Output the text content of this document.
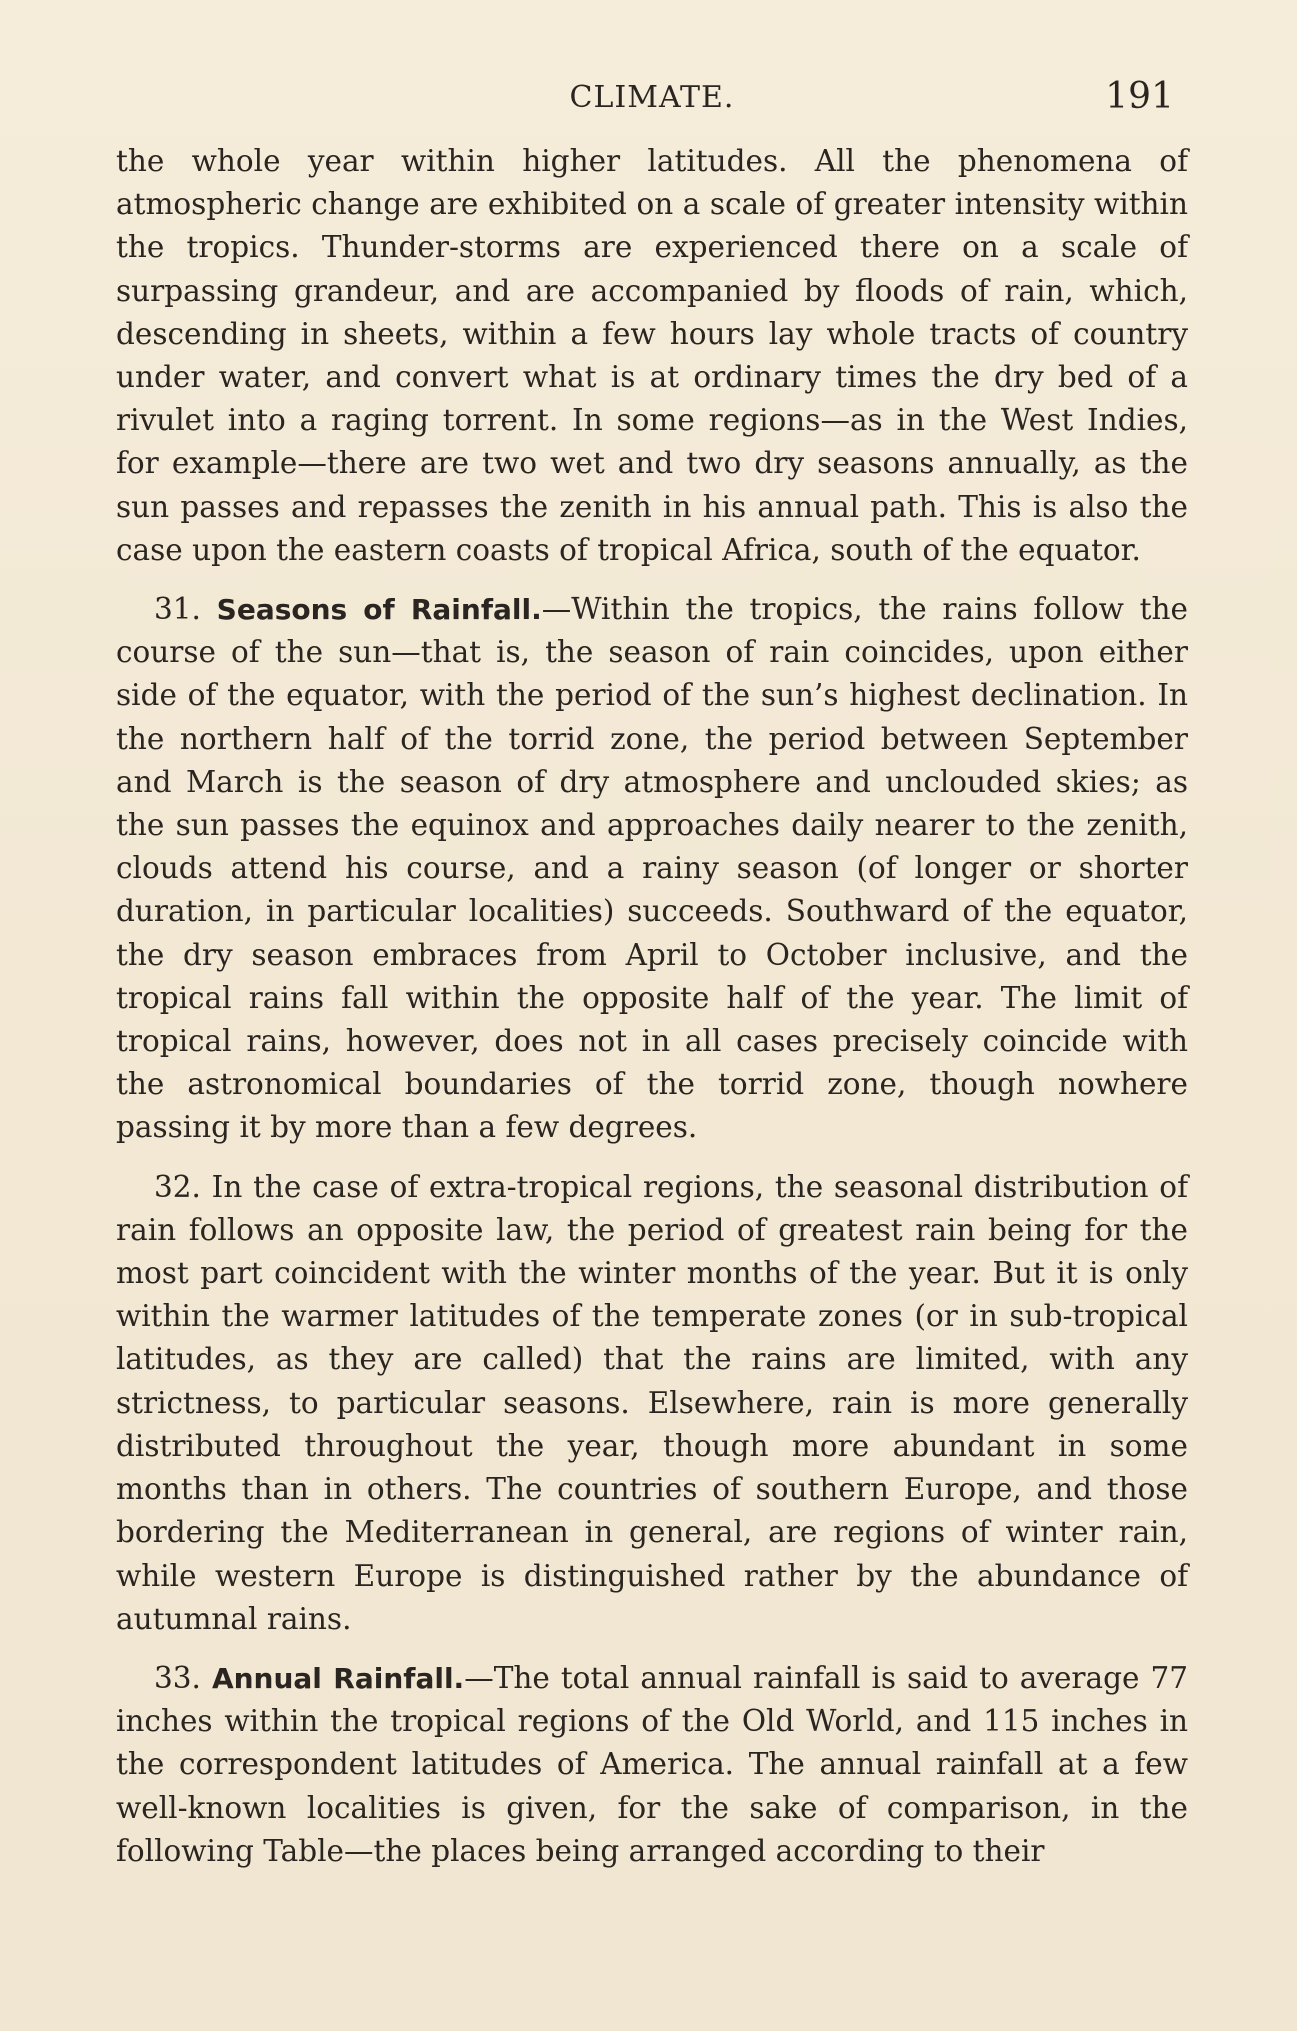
CLIMATE.	191

the whole year within higher latitudes. All the phenomena of atmospheric change are exhibited on a scale of greater intensity within the tropics. Thunder-storms are experienced there on a scale of surpassing grandeur, and are accompanied by floods of rain, which, descending in sheets, within a few hours lay whole tracts of country under water, and convert what is at ordinary times the dry bed of a rivulet into a raging torrent. In some regions—as in the West Indies, for example—there are two wet and two dry seasons annually, as the sun passes and repasses the zenith in his annual path. This is also the case upon the eastern coasts of tropical Africa, south of the equator.

31. Seasons of Rainfall.—Within the tropics, the rains follow the course of the sun—that is, the season of rain coincides, upon either side of the equator, with the period of the sun’s highest declination. In the northern half of the torrid zone, the period between September and March is the season of dry atmosphere and unclouded skies; as the sun passes the equinox and approaches daily nearer to the zenith, clouds attend his course, and a rainy season (of longer or shorter duration, in particular localities) succeeds. Southward of the equator, the dry season embraces from April to October inclusive, and the tropical rains fall within the opposite half of the year. The limit of tropical rains, however, does not in all cases precisely coincide with the astronomical boundaries of the torrid zone, though nowhere passing it by more than a few degrees.

32. In the case of extra-tropical regions, the seasonal distribution of rain follows an opposite law, the period of greatest rain being for the most part coincident with the winter months of the year. But it is only within the warmer latitudes of the temperate zones (or in sub-tropical latitudes, as they are called) that the rains are limited, with any strictness, to particular seasons. Elsewhere, rain is more generally distributed throughout the year, though more abundant in some months than in others. The countries of southern Europe, and those bordering the Mediterranean in general, are regions of winter rain, while western Europe is distinguished rather by the abundance of autumnal rains.

33. Annual Rainfall.—The total annual rainfall is said to average 77 inches within the tropical regions of the Old World, and 115 inches in the correspondent latitudes of America. The annual rainfall at a few well-known localities is given, for the sake of comparison, in the following Table—the places being arranged according to their
